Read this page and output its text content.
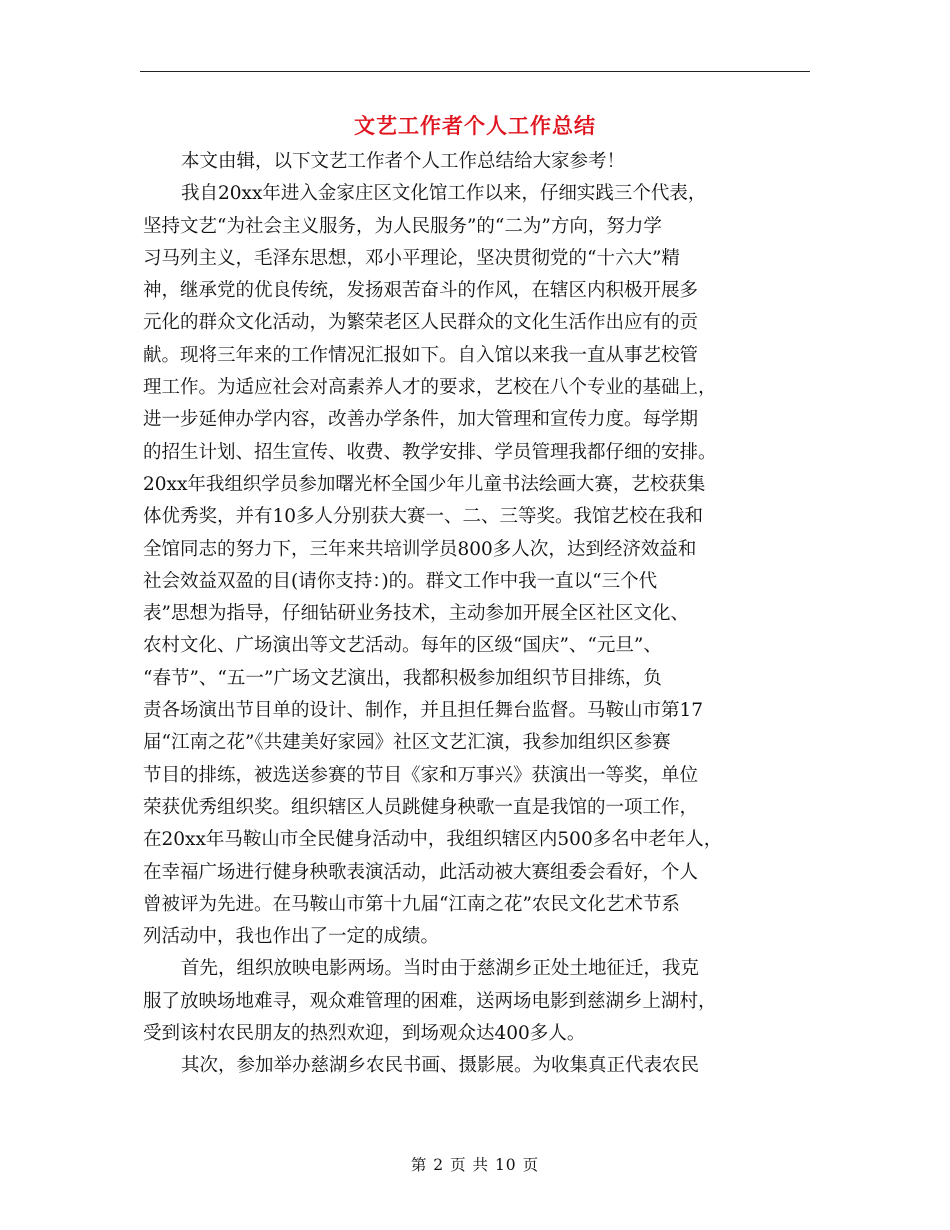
文艺工作者个人工作总结
本文由辑，以下文艺工作者个人工作总结给大家参考！
我自20xx年进入金家庄区文化馆工作以来，仔细实践三个代表，
坚持文艺“为社会主义服务，为人民服务”的“二为”方向，努力学
习马列主义，毛泽东思想，邓小平理论，坚决贯彻党的“十六大”精
神，继承党的优良传统，发扬艰苦奋斗的作风，在辖区内积极开展多
元化的群众文化活动，为繁荣老区人民群众的文化生活作出应有的贡
献。现将三年来的工作情况汇报如下。自入馆以来我一直从事艺校管
理工作。为适应社会对高素养人才的要求，艺校在八个专业的基础上，
进一步延伸办学内容，改善办学条件，加大管理和宣传力度。每学期
的招生计划、招生宣传、收费、教学安排、学员管理我都仔细的安排。
20xx年我组织学员参加曙光杯全国少年儿童书法绘画大赛，艺校获集
体优秀奖，并有10多人分别获大赛一、二、三等奖。我馆艺校在我和
全馆同志的努力下，三年来共培训学员800多人次，达到经济效益和
社会效益双盈的目(请你支持：)的。群文工作中我一直以“三个代
表”思想为指导，仔细钻研业务技术，主动参加开展全区社区文化、
农村文化、广场演出等文艺活动。每年的区级“国庆”、“元旦”、
“春节”、“五一”广场文艺演出，我都积极参加组织节目排练，负
责各场演出节目单的设计、制作，并且担任舞台监督。马鞍山市第17
届“江南之花”《共建美好家园》社区文艺汇演，我参加组织区参赛
节目的排练，被选送参赛的节目《家和万事兴》获演出一等奖，单位
荣获优秀组织奖。组织辖区人员跳健身秧歌一直是我馆的一项工作，
在20xx年马鞍山市全民健身活动中，我组织辖区内500多名中老年人，
在幸福广场进行健身秧歌表演活动，此活动被大赛组委会看好，个人
曾被评为先进。在马鞍山市第十九届“江南之花”农民文化艺术节系
列活动中，我也作出了一定的成绩。
首先，组织放映电影两场。当时由于慈湖乡正处土地征迁，我克
服了放映场地难寻，观众难管理的困难，送两场电影到慈湖乡上湖村，
受到该村农民朋友的热烈欢迎，到场观众达400多人。
其次，参加举办慈湖乡农民书画、摄影展。为收集真正代表农民
第 2 页 共 10 页
